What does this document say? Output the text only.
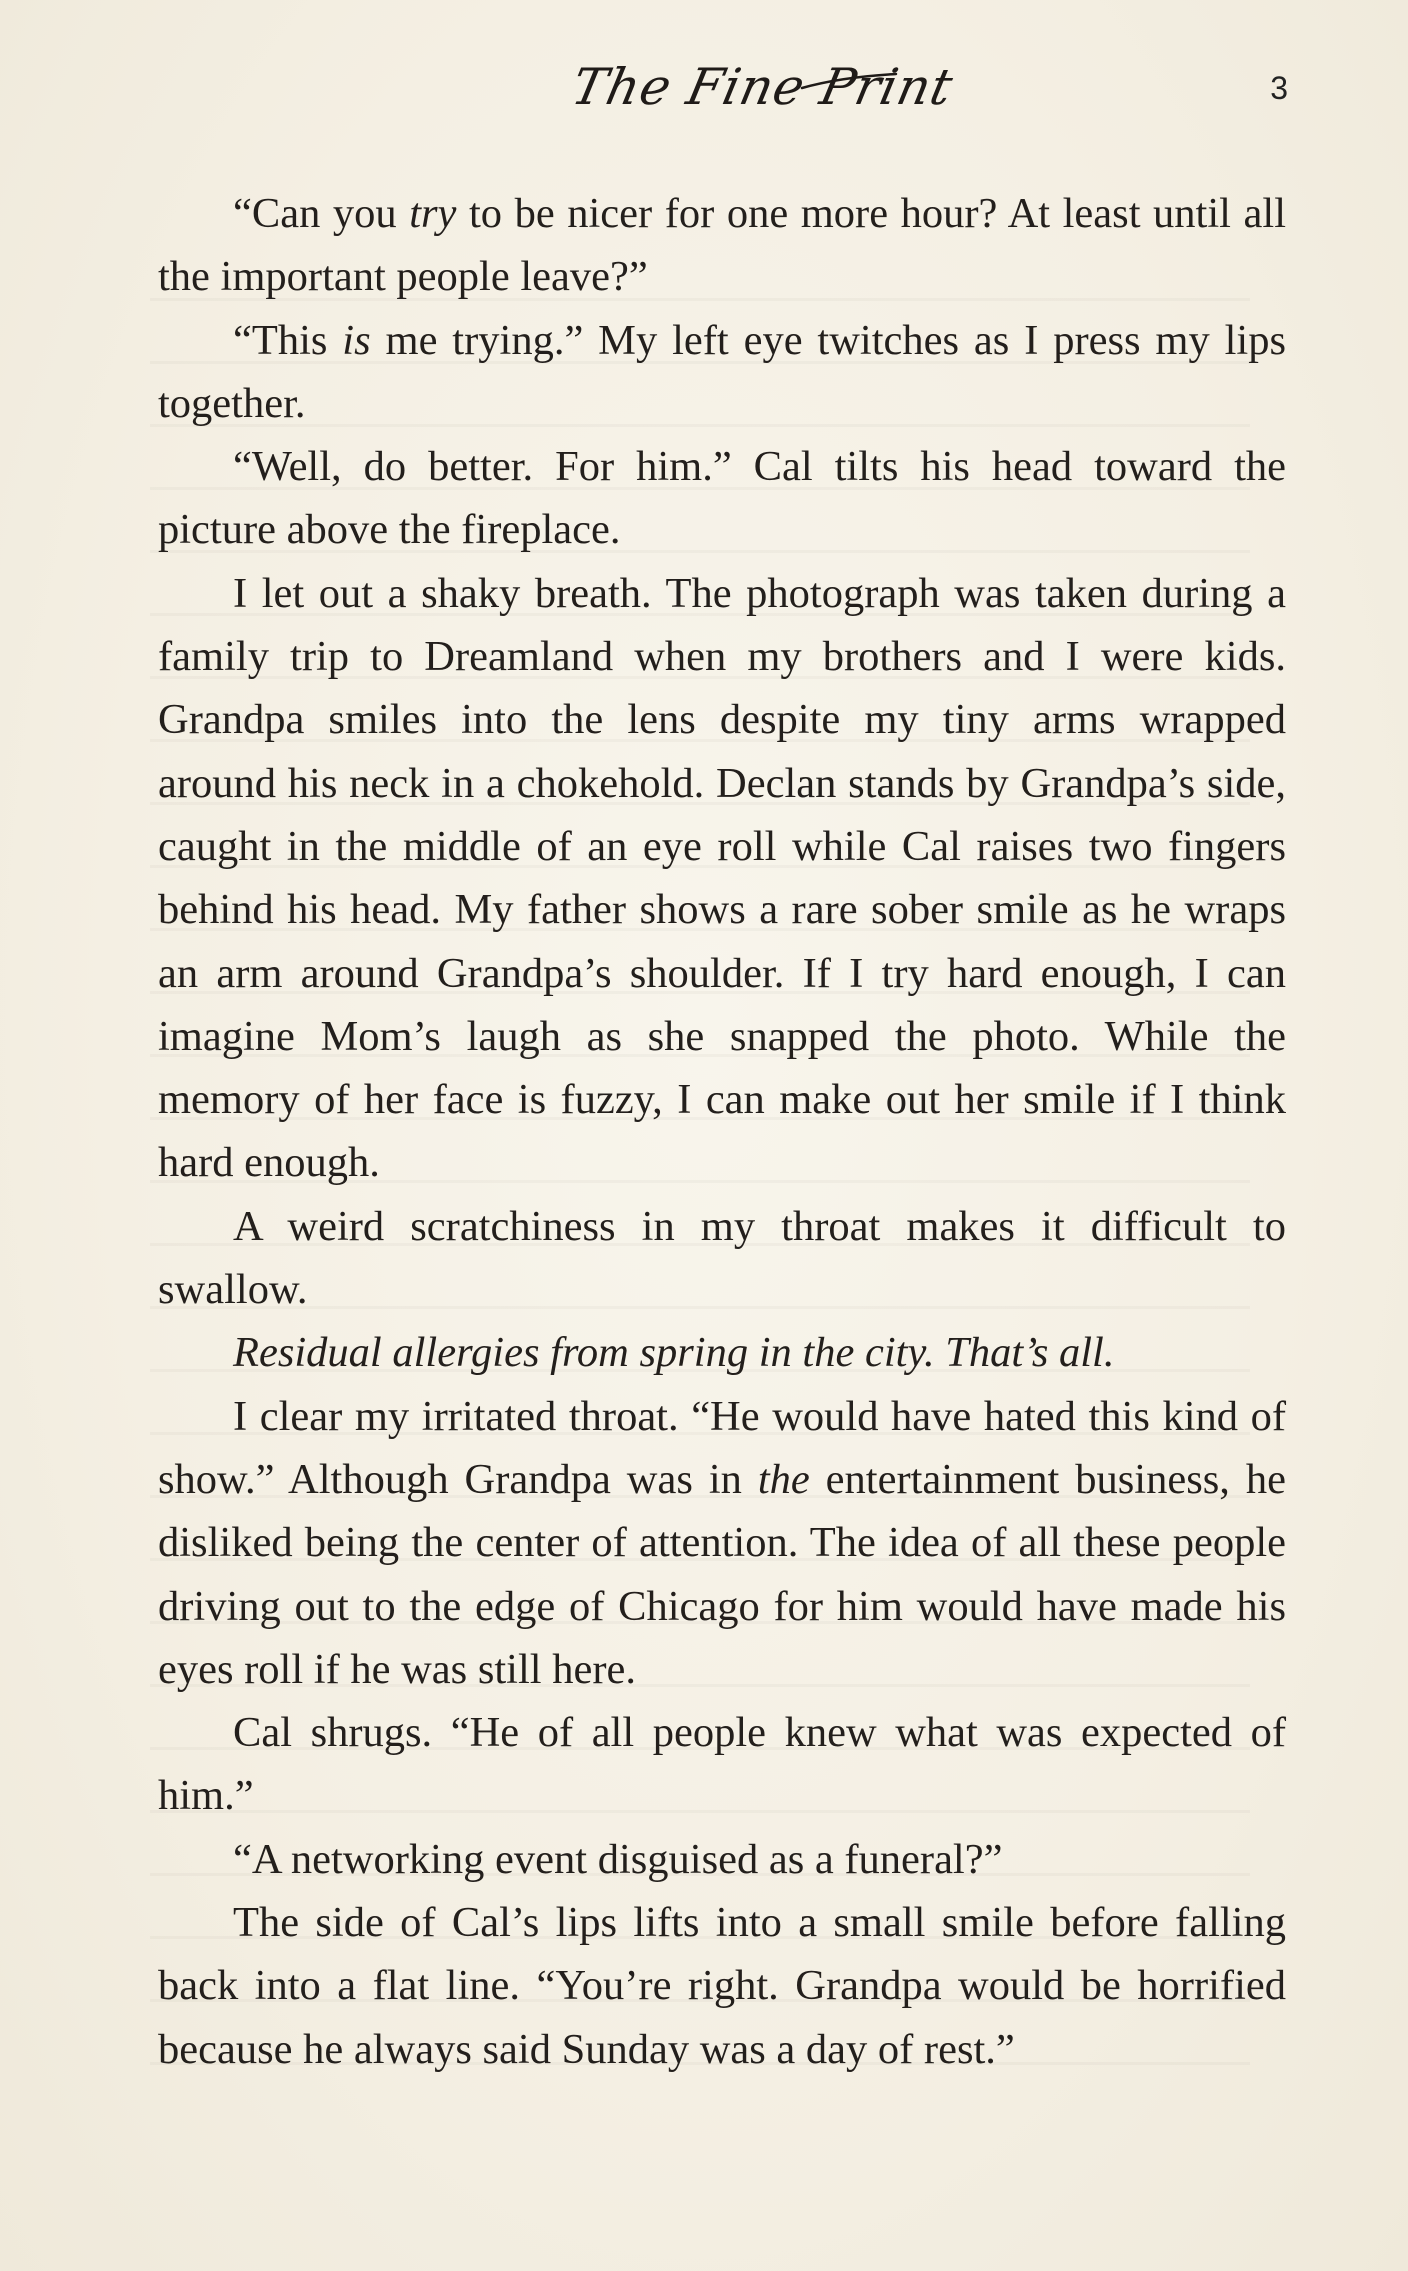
The Fine Print	3

“Can you try to be nicer for one more hour? At least until all the important people leave?”

“This is me trying.” My left eye twitches as I press my lips together.

“Well, do better. For him.” Cal tilts his head toward the picture above the fireplace.

I let out a shaky breath. The photograph was taken during a family trip to Dreamland when my brothers and I were kids. Grandpa smiles into the lens despite my tiny arms wrapped around his neck in a chokehold. Declan stands by Grandpa’s side, caught in the middle of an eye roll while Cal raises two fingers behind his head. My father shows a rare sober smile as he wraps an arm around Grandpa’s shoulder. If I try hard enough, I can imagine Mom’s laugh as she snapped the photo. While the memory of her face is fuzzy, I can make out her smile if I think hard enough.

A weird scratchiness in my throat makes it difficult to swallow.

Residual allergies from spring in the city. That’s all.

I clear my irritated throat. “He would have hated this kind of show.” Although Grandpa was in the entertainment business, he disliked being the center of attention. The idea of all these people driving out to the edge of Chicago for him would have made his eyes roll if he was still here.

Cal shrugs. “He of all people knew what was expected of him.”

“A networking event disguised as a funeral?”

The side of Cal’s lips lifts into a small smile before falling back into a flat line. “You’re right. Grandpa would be horrified because he always said Sunday was a day of rest.”
